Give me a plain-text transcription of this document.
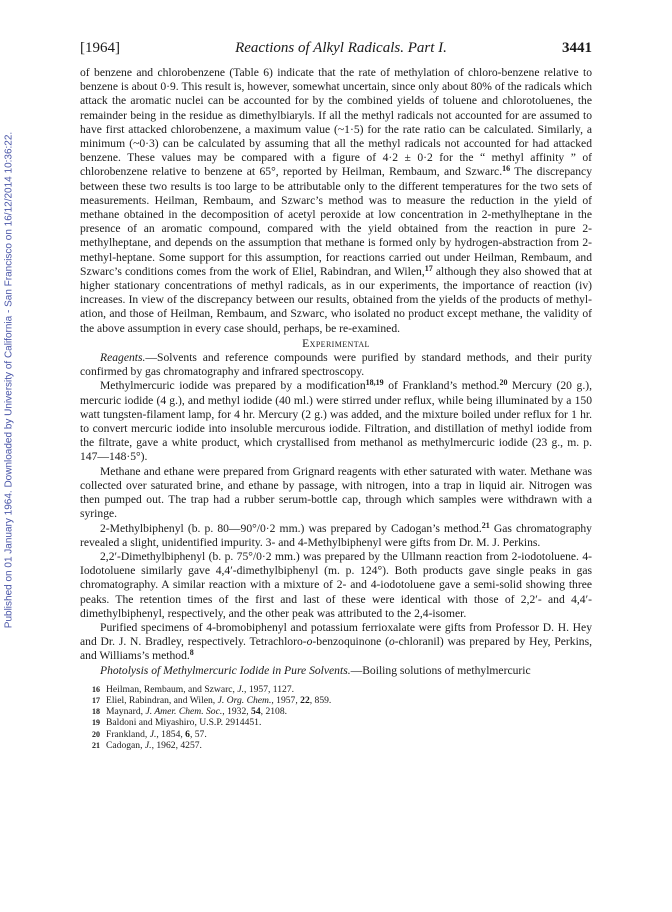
Published on 01 January 1964. Downloaded by University of California - San Francisco on 16/12/2014 10:36:22.
[1964]	Reactions of Alkyl Radicals. Part I.	3441

of benzene and chlorobenzene (Table 6) indicate that the rate of methylation of chloro-benzene relative to benzene is about 0·9. This result is, however, somewhat uncertain, since only about 80% of the radicals which attack the aromatic nuclei can be accounted for by the combined yields of toluene and chlorotoluenes, the remainder being in the residue as dimethylbiaryls. If all the methyl radicals not accounted for are assumed to have first attacked chlorobenzene, a maximum value (~1·5) for the rate ratio can be calculated. Similarly, a minimum (~0·3) can be calculated by assuming that all the methyl radicals not accounted for had attacked benzene. These values may be compared with a figure of 4·2 ± 0·2 for the “ methyl affinity ” of chlorobenzene relative to benzene at 65°, reported by Heilman, Rembaum, and Szwarc.$^{16}$ The discrepancy between these two results is too large to be attributable only to the different temperatures for the two sets of measurements. Heilman, Rembaum, and Szwarc’s method was to measure the reduction in the yield of methane obtained in the decomposition of acetyl peroxide at low concentration in 2-methylheptane in the presence of an aromatic compound, compared with the yield obtained from the reaction in pure 2-methylheptane, and depends on the assumption that methane is formed only by hydrogen-abstraction from 2-methyl-heptane. Some support for this assumption, for reactions carried out under Heilman, Rembaum, and Szwarc’s conditions comes from the work of Eliel, Rabindran, and Wilen,$^{17}$ although they also showed that at higher stationary concentrations of methyl radicals, as in our experiments, the importance of reaction (iv) increases. In view of the discrepancy between our results, obtained from the yields of the products of methyl-ation, and those of Heilman, Rembaum, and Szwarc, who isolated no product except methane, the validity of the above assumption in every case should, perhaps, be re-examined.

Experimental

Reagents.—Solvents and reference compounds were purified by standard methods, and their purity confirmed by gas chromatography and infrared spectroscopy.

Methylmercuric iodide was prepared by a modification$^{18,19}$ of Frankland’s method.$^{20}$ Mercury (20 g.), mercuric iodide (4 g.), and methyl iodide (40 ml.) were stirred under reflux, while being illuminated by a 150 watt tungsten-filament lamp, for 4 hr. Mercury (2 g.) was added, and the mixture boiled under reflux for 1 hr. to convert mercuric iodide into insoluble mercurous iodide. Filtration, and distillation of methyl iodide from the filtrate, gave a white product, which crystallised from methanol as methylmercuric iodide (23 g., m. p. 147—148·5°).

Methane and ethane were prepared from Grignard reagents with ether saturated with water. Methane was collected over saturated brine, and ethane by passage, with nitrogen, into a trap in liquid air. Nitrogen was then pumped out. The trap had a rubber serum-bottle cap, through which samples were withdrawn with a syringe.

2-Methylbiphenyl (b. p. 80—90°/0·2 mm.) was prepared by Cadogan’s method.$^{21}$ Gas chromatography revealed a slight, unidentified impurity. 3- and 4-Methylbiphenyl were gifts from Dr. M. J. Perkins.

2,2′-Dimethylbiphenyl (b. p. 75°/0·2 mm.) was prepared by the Ullmann reaction from 2-iodotoluene. 4-Iodotoluene similarly gave 4,4′-dimethylbiphenyl (m. p. 124°). Both products gave single peaks in gas chromatography. A similar reaction with a mixture of 2- and 4-iodotoluene gave a semi-solid showing three peaks. The retention times of the first and last of these were identical with those of 2,2′- and 4,4′-dimethylbiphenyl, respectively, and the other peak was attributed to the 2,4-isomer.

Purified specimens of 4-bromobiphenyl and potassium ferrioxalate were gifts from Professor D. H. Hey and Dr. J. N. Bradley, respectively. Tetrachloro-o-benzoquinone (o-chloranil) was prepared by Hey, Perkins, and Williams’s method.$^8$

Photolysis of Methylmercuric Iodide in Pure Solvents.—Boiling solutions of methylmercuric

16 Heilman, Rembaum, and Szwarc, J., 1957, 1127.
17 Eliel, Rabindran, and Wilen, J. Org. Chem., 1957, 22, 859.
18 Maynard, J. Amer. Chem. Soc., 1932, 54, 2108.
19 Baldoni and Miyashiro, U.S.P. 2914451.
20 Frankland, J., 1854, 6, 57.
21 Cadogan, J., 1962, 4257.
